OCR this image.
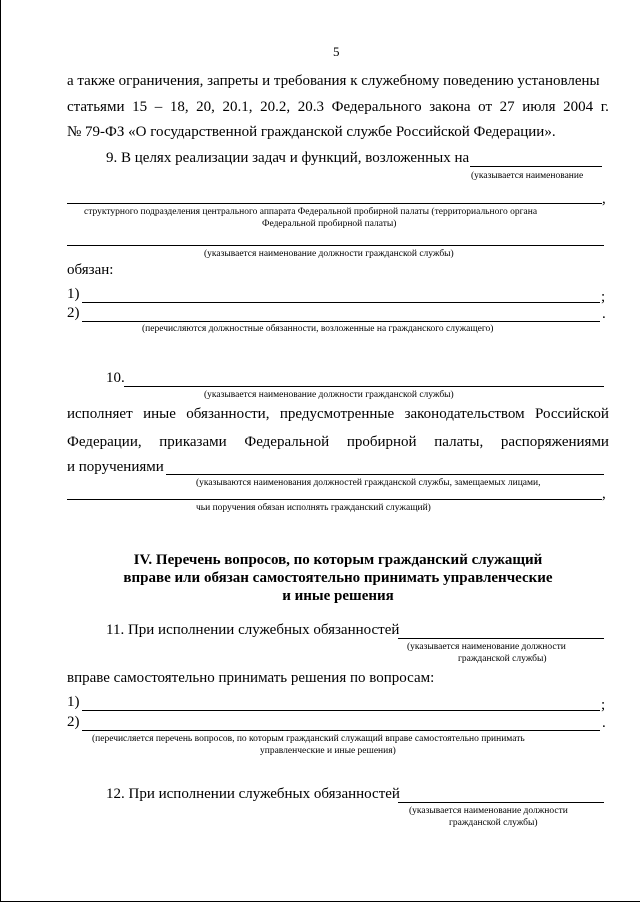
5
а также ограничения, запреты и требования к служебному поведению установлены
статьями 15 – 18, 20, 20.1, 20.2, 20.3 Федерального закона от 27 июля 2004 г.
№ 79-ФЗ «О государственной гражданской службе Российской Федерации».
9. В целях реализации задач и функций, возложенных на
(указывается наименование
,
структурного подразделения центрального аппарата Федеральной пробирной палаты (территориального органа
Федеральной пробирной палаты)
(указывается наименование должности гражданской службы)
обязан:
1)	;
2)	.
(перечисляются должностные обязанности, возложенные на гражданского служащего)
10.
(указывается наименование должности гражданской службы)
исполняет иные обязанности, предусмотренные законодательством Российской
Федерации, приказами Федеральной пробирной палаты, распоряжениями
и поручениями
(указываются наименования должностей гражданской службы, замещаемых лицами,
,
чьи поручения обязан исполнять гражданский служащий)
IV. Перечень вопросов, по которым гражданский служащий
вправе или обязан самостоятельно принимать управленческие
и иные решения
11. При исполнении служебных обязанностей
(указывается наименование должности
гражданской службы)
вправе самостоятельно принимать решения по вопросам:
1)	;
2)	.
(перечисляется перечень вопросов, по которым гражданский служащий вправе самостоятельно принимать
управленческие и иные решения)
12. При исполнении служебных обязанностей
(указывается наименование должности
гражданской службы)
